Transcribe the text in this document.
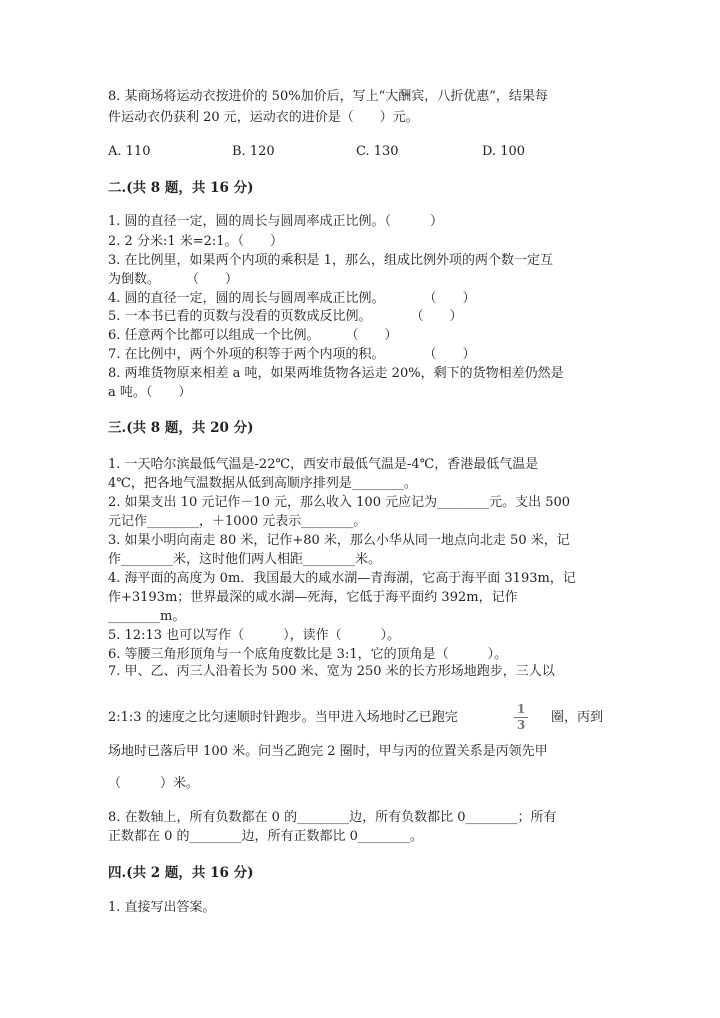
8. 某商场将运动衣按进价的 50%加价后，写上“大酬宾，八折优惠”，结果每
件运动衣仍获利 20 元，运动衣的进价是（　　）元。
A. 110	B. 120	C. 130	D. 100
二.(共 8 题，共 16 分)
1. 圆的直径一定，圆的周长与圆周率成正比例。（　　　）
2. 2 分米:1 米=2:1。（　　）
3. 在比例里，如果两个内项的乘积是 1，那么，组成比例外项的两个数一定互
为倒数。　　　（　　）
4. 圆的直径一定，圆的周长与圆周率成正比例。　　　　（　　）
5. 一本书已看的页数与没看的页数成反比例。　　　　（　　）
6. 任意两个比都可以组成一个比例。　　　（　　）
7. 在比例中，两个外项的积等于两个内项的积。　　　　（　　）
8. 两堆货物原来相差 a 吨，如果两堆货物各运走 20%，剩下的货物相差仍然是
a 吨。（　　）
三.(共 8 题，共 20 分)
1. 一天哈尔滨最低气温是-22℃，西安市最低气温是-4℃，香港最低气温是
4℃，把各地气温数据从低到高顺序排列是________。
2. 如果支出 10 元记作－10 元，那么收入 100 元应记为________元。支出 500
元记作________，＋1000 元表示________。
3. 如果小明向南走 80 米，记作+80 米，那么小华从同一地点向北走 50 米，记
作________米，这时他们两人相距________米。
4. 海平面的高度为 0m．我国最大的咸水湖—青海湖，它高于海平面 3193m，记
作+3193m；世界最深的咸水湖—死海，它低于海平面约 392m，记作
________m。
5. 12:13 也可以写作（　　　），读作（　　　）。
6. 等腰三角形顶角与一个底角度数比是 3:1，它的顶角是（　　　）。
7. 甲、乙、丙三人沿着长为 500 米、宽为 250 米的长方形场地跑步，三人以
2:1:3 的速度之比匀速顺时针跑步。当甲进入场地时乙已跑完
1
3 圈，丙到
场地时已落后甲 100 米。问当乙跑完 2 圈时，甲与丙的位置关系是丙领先甲
（　　　）米。
8. 在数轴上，所有负数都在 0 的________边，所有负数都比 0________；所有
正数都在 0 的________边，所有正数都比 0________。
四.(共 2 题，共 16 分)
1. 直接写出答案。
